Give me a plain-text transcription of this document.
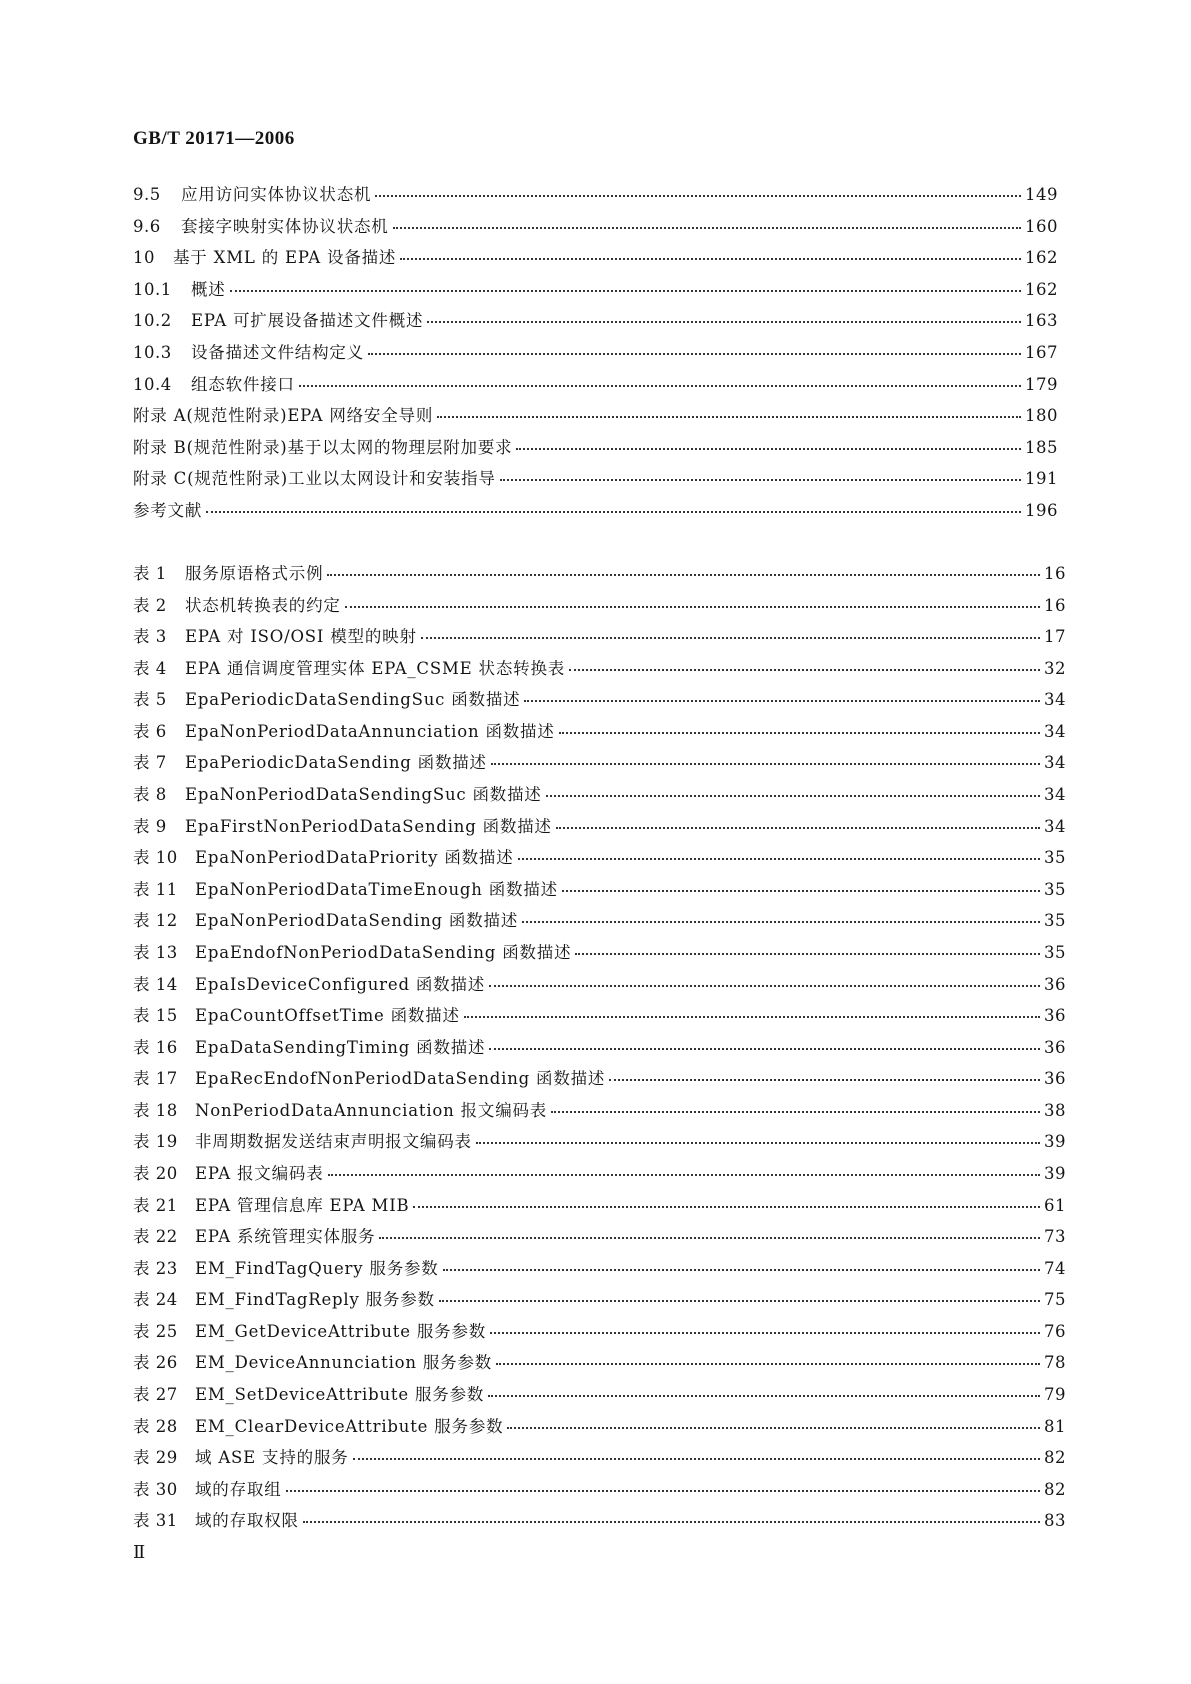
GB/T 20171—2006
9.5	应用访问实体协议状态机	149
9.6	套接字映射实体协议状态机	160
10	基于 XML 的 EPA 设备描述	162
10.1	概述	162
10.2	EPA 可扩展设备描述文件概述	163
10.3	设备描述文件结构定义	167
10.4	组态软件接口	179
附录 A(规范性附录)EPA 网络安全导则	180
附录 B(规范性附录)基于以太网的物理层附加要求	185
附录 C(规范性附录)工业以太网设计和安装指导	191
参考文献	196
表 1	服务原语格式示例	16
表 2	状态机转换表的约定	16
表 3	EPA 对 ISO/OSI 模型的映射	17
表 4	EPA 通信调度管理实体 EPA_CSME 状态转换表	32
表 5	EpaPeriodicDataSendingSuc 函数描述	34
表 6	EpaNonPeriodDataAnnunciation 函数描述	34
表 7	EpaPeriodicDataSending 函数描述	34
表 8	EpaNonPeriodDataSendingSuc 函数描述	34
表 9	EpaFirstNonPeriodDataSending 函数描述	34
表 10	EpaNonPeriodDataPriority 函数描述	35
表 11	EpaNonPeriodDataTimeEnough 函数描述	35
表 12	EpaNonPeriodDataSending 函数描述	35
表 13	EpaEndofNonPeriodDataSending 函数描述	35
表 14	EpaIsDeviceConfigured 函数描述	36
表 15	EpaCountOffsetTime 函数描述	36
表 16	EpaDataSendingTiming 函数描述	36
表 17	EpaRecEndofNonPeriodDataSending 函数描述	36
表 18	NonPeriodDataAnnunciation 报文编码表	38
表 19	非周期数据发送结束声明报文编码表	39
表 20	EPA 报文编码表	39
表 21	EPA 管理信息库 EPA MIB	61
表 22	EPA 系统管理实体服务	73
表 23	EM_FindTagQuery 服务参数	74
表 24	EM_FindTagReply 服务参数	75
表 25	EM_GetDeviceAttribute 服务参数	76
表 26	EM_DeviceAnnunciation 服务参数	78
表 27	EM_SetDeviceAttribute 服务参数	79
表 28	EM_ClearDeviceAttribute 服务参数	81
表 29	域 ASE 支持的服务	82
表 30	域的存取组	82
表 31	域的存取权限	83
Ⅱ
